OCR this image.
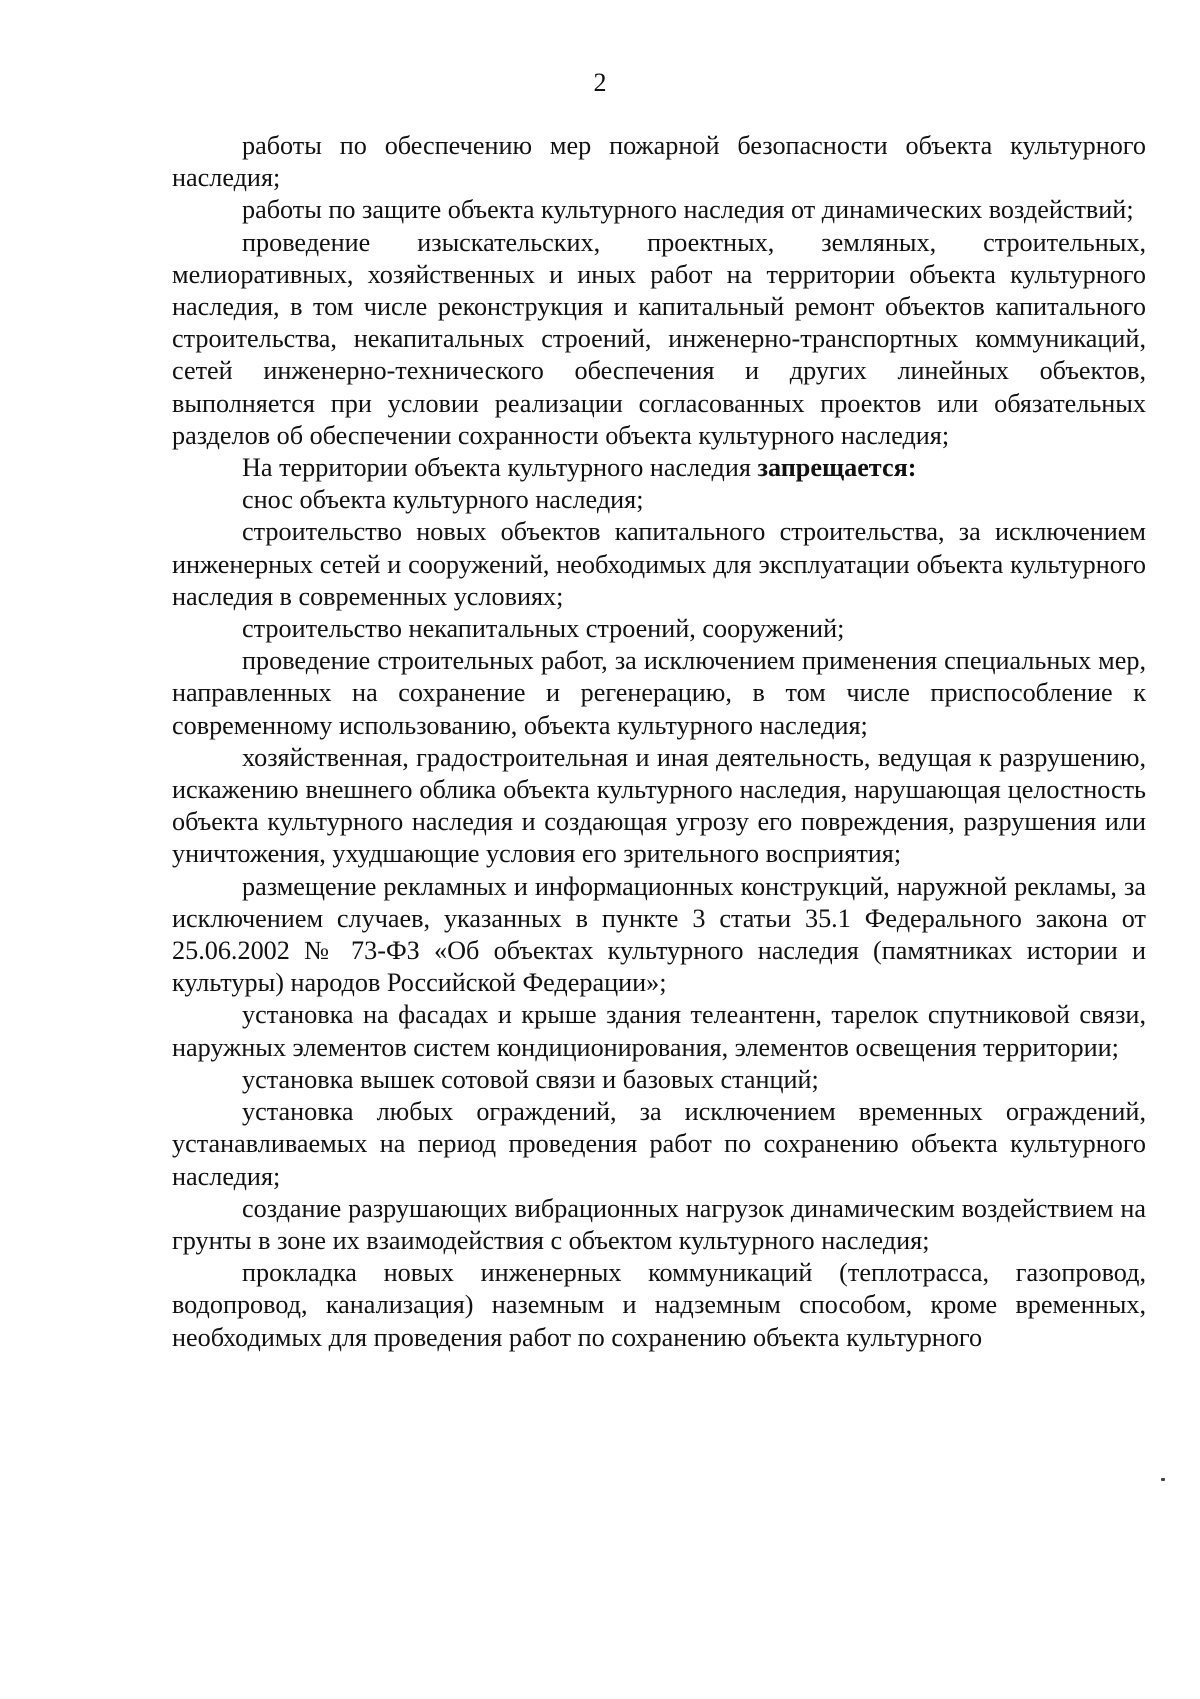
2

работы по обеспечению мер пожарной безопасности объекта культурного наследия;

работы по защите объекта культурного наследия от динамических воздействий;

проведение изыскательских, проектных, земляных, строительных, мелиоративных, хозяйственных и иных работ на территории объекта культурного наследия, в том числе реконструкция и капитальный ремонт объектов капитального строительства, некапитальных строений, инженерно-транспортных коммуникаций, сетей инженерно-технического обеспечения и других линейных объектов, выполняется при условии реализации согласованных проектов или обязательных разделов об обеспечении сохранности объекта культурного наследия;

На территории объекта культурного наследия запрещается:

снос объекта культурного наследия;

строительство новых объектов капитального строительства, за исключением инженерных сетей и сооружений, необходимых для эксплуатации объекта культурного наследия в современных условиях;

строительство некапитальных строений, сооружений;

проведение строительных работ, за исключением применения специальных мер, направленных на сохранение и регенерацию, в том числе приспособление к современному использованию, объекта культурного наследия;

хозяйственная, градостроительная и иная деятельность, ведущая к разрушению, искажению внешнего облика объекта культурного наследия, нарушающая целостность объекта культурного наследия и создающая угрозу его повреждения, разрушения или уничтожения, ухудшающие условия его зрительного восприятия;

размещение рекламных и информационных конструкций, наружной рекламы, за исключением случаев, указанных в пункте 3 статьи 35.1 Федерального закона от 25.06.2002 № 73-ФЗ «Об объектах культурного наследия (памятниках истории и культуры) народов Российской Федерации»;

установка на фасадах и крыше здания телеантенн, тарелок спутниковой связи, наружных элементов систем кондиционирования, элементов освещения территории;

установка вышек сотовой связи и базовых станций;

установка любых ограждений, за исключением временных ограждений, устанавливаемых на период проведения работ по сохранению объекта культурного наследия;

создание разрушающих вибрационных нагрузок динамическим воздействием на грунты в зоне их взаимодействия с объектом культурного наследия;

прокладка новых инженерных коммуникаций (теплотрасса, газопровод, водопровод, канализация) наземным и надземным способом, кроме временных, необходимых для проведения работ по сохранению объекта культурного
